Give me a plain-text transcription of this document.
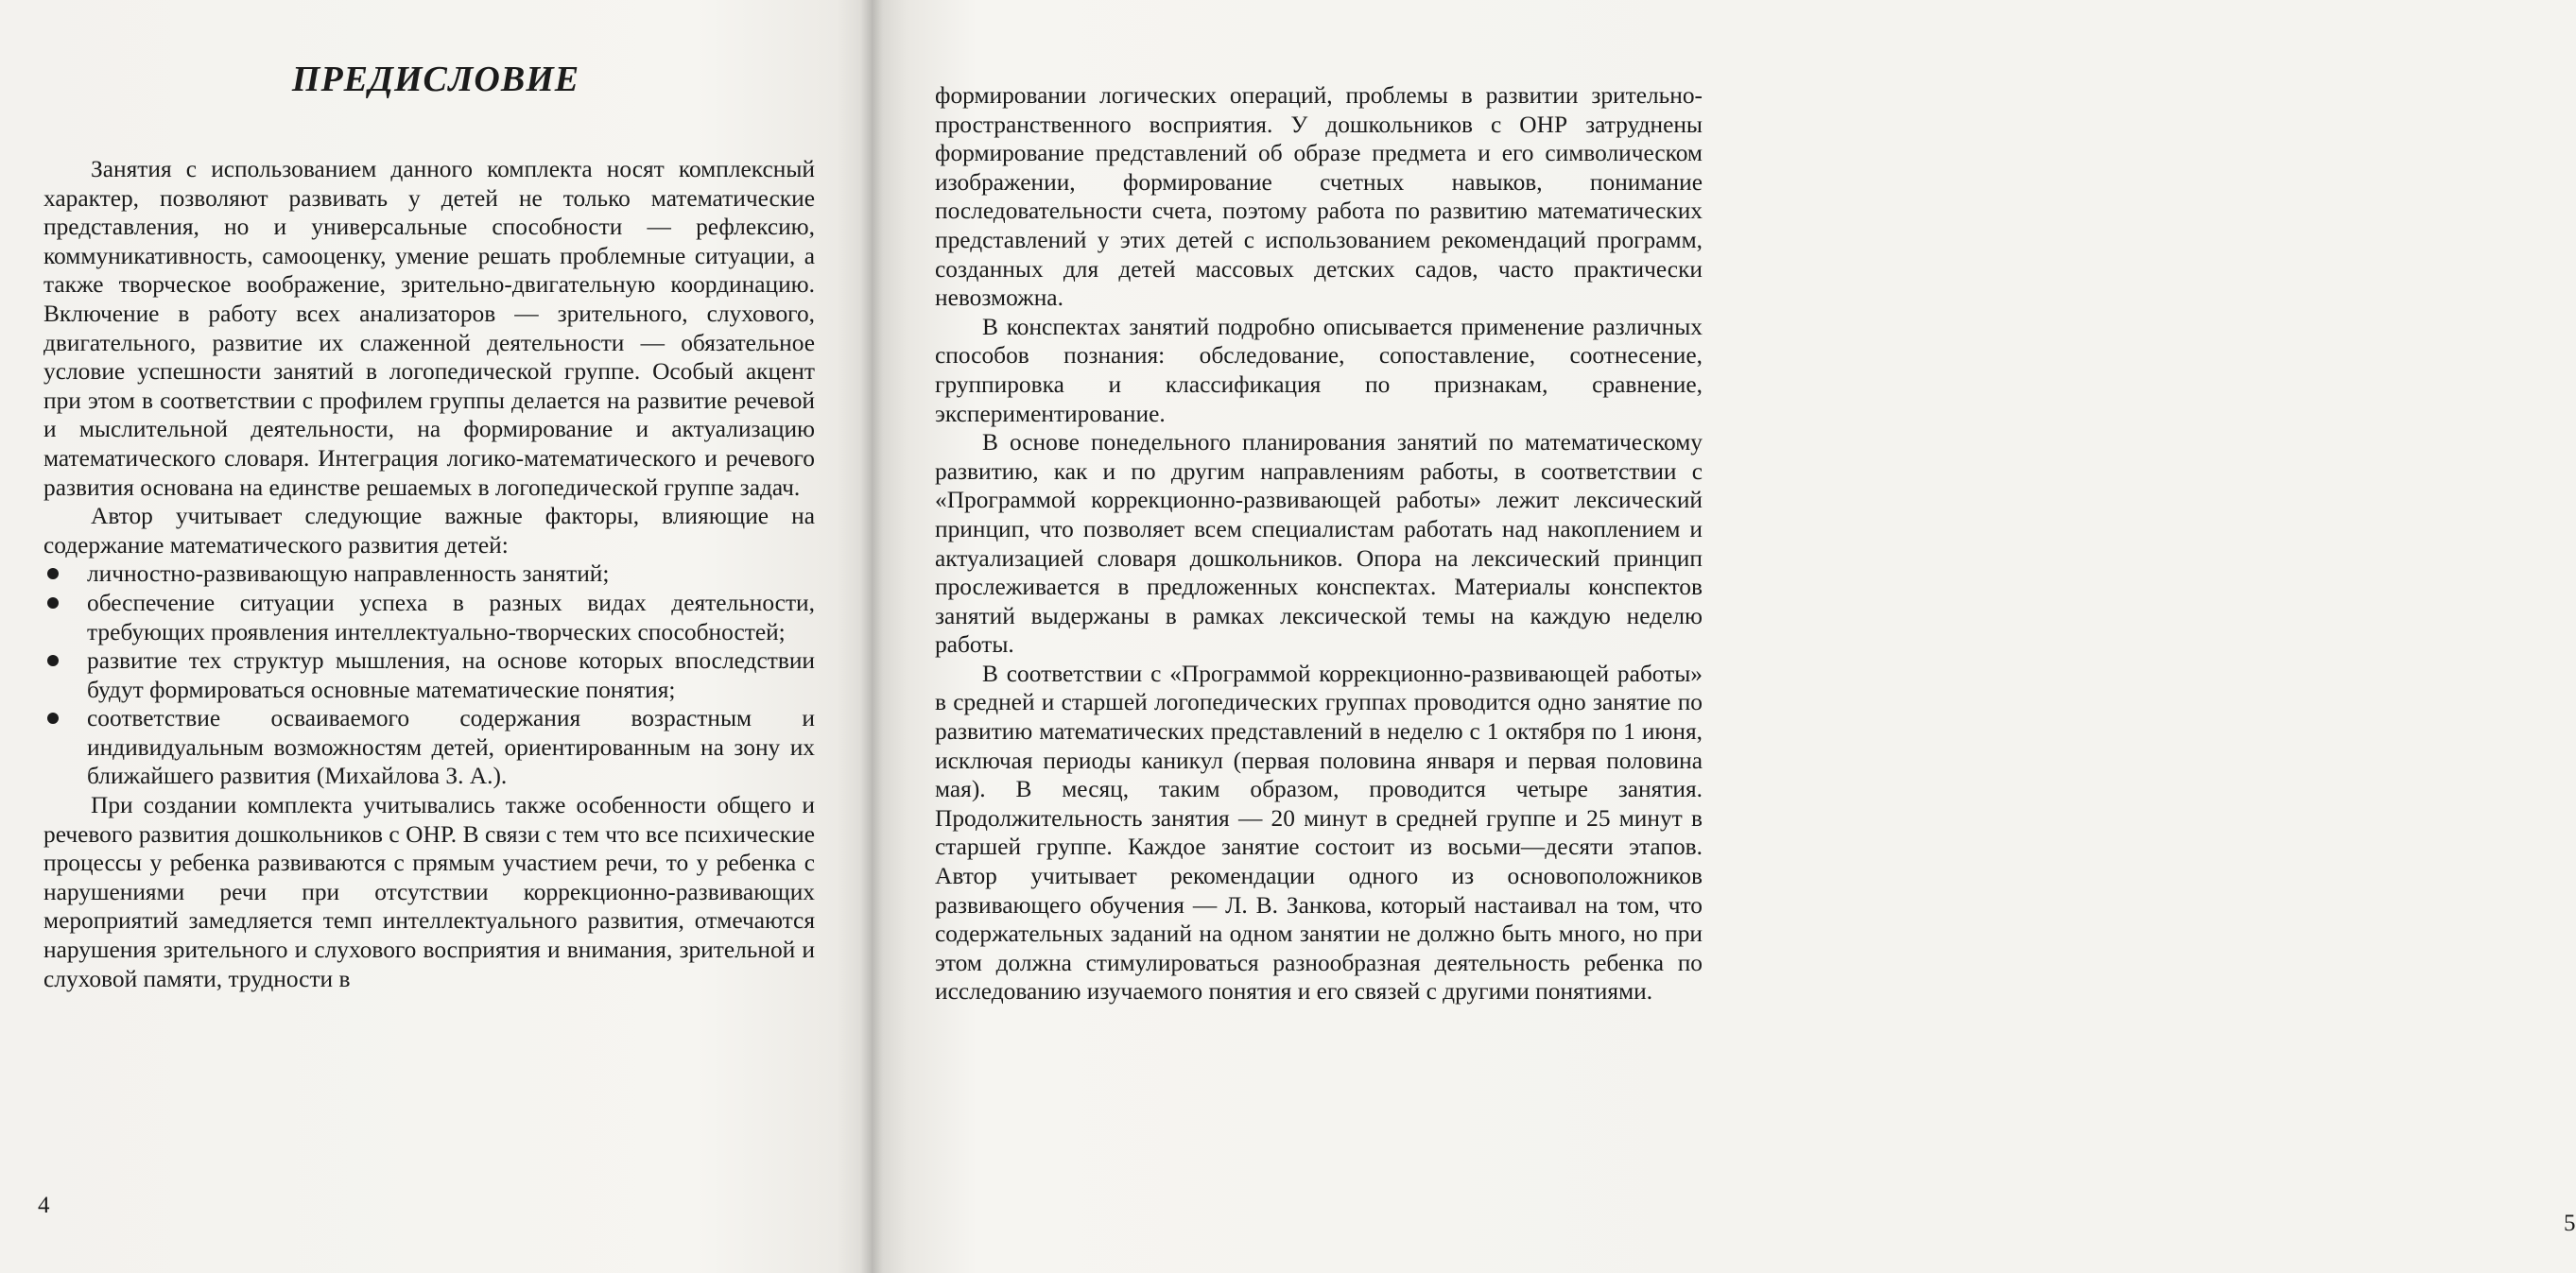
ПРЕДИСЛОВИЕ

Занятия с использованием данного комплекта носят комплексный характер, позволяют развивать у детей не только математические представления, но и универсальные способности — рефлексию, коммуникативность, самооценку, умение решать проблемные ситуации, а также творческое воображение, зрительно-двигательную координацию. Включение в работу всех анализаторов — зрительного, слухового, двигательного, развитие их слаженной деятельности — обязательное условие успешности занятий в логопедической группе. Особый акцент при этом в соответствии с профилем группы делается на развитие речевой и мыслительной деятельности, на формирование и актуализацию математического словаря. Интеграция логико-математического и речевого развития основана на единстве решаемых в логопедической группе задач.

Автор учитывает следующие важные факторы, влияющие на содержание математического развития детей:

личностно-развивающую направленность занятий;
обеспечение ситуации успеха в разных видах деятельности, требующих проявления интеллектуально-творческих способностей;
развитие тех структур мышления, на основе которых впоследствии будут формироваться основные математические понятия;
соответствие осваиваемого содержания возрастным и индивидуальным возможностям детей, ориентированным на зону их ближайшего развития (Михайлова З. А.).

При создании комплекта учитывались также особенности общего и речевого развития дошкольников с ОНР. В связи с тем что все психические процессы у ребенка развиваются с прямым участием речи, то у ребенка с нарушениями речи при отсутствии коррекционно-развивающих мероприятий замедляется темп интеллектуального развития, отмечаются нарушения зрительного и слухового восприятия и внимания, зрительной и слуховой памяти, трудности в

4
5

формировании логических операций, проблемы в развитии зрительно-пространственного восприятия. У дошкольников с ОНР затруднены формирование представлений об образе предмета и его символическом изображении, формирование счетных навыков, понимание последовательности счета, поэтому работа по развитию математических представлений у этих детей с использованием рекомендаций программ, созданных для детей массовых детских садов, часто практически невозможна.

В конспектах занятий подробно описывается применение различных способов познания: обследование, сопоставление, соотнесение, группировка и классификация по признакам, сравнение, экспериментирование.

В основе понедельного планирования занятий по математическому развитию, как и по другим направлениям работы, в соответствии с «Программой коррекционно-развивающей работы» лежит лексический принцип, что позволяет всем специалистам работать над накоплением и актуализацией словаря дошкольников. Опора на лексический принцип прослеживается в предложенных конспектах. Материалы конспектов занятий выдержаны в рамках лексической темы на каждую неделю работы.

В соответствии с «Программой коррекционно-развивающей работы» в средней и старшей логопедических группах проводится одно занятие по развитию математических представлений в неделю с 1 октября по 1 июня, исключая периоды каникул (первая половина января и первая половина мая). В месяц, таким образом, проводится четыре занятия. Продолжительность занятия — 20 минут в средней группе и 25 минут в старшей группе. Каждое занятие состоит из восьми—десяти этапов. Автор учитывает рекомендации одного из основоположников развивающего обучения — Л. В. Занкова, который настаивал на том, что содержательных заданий на одном занятии не должно быть много, но при этом должна стимулироваться разнообразная деятельность ребенка по исследованию изучаемого понятия и его связей с другими понятиями.
